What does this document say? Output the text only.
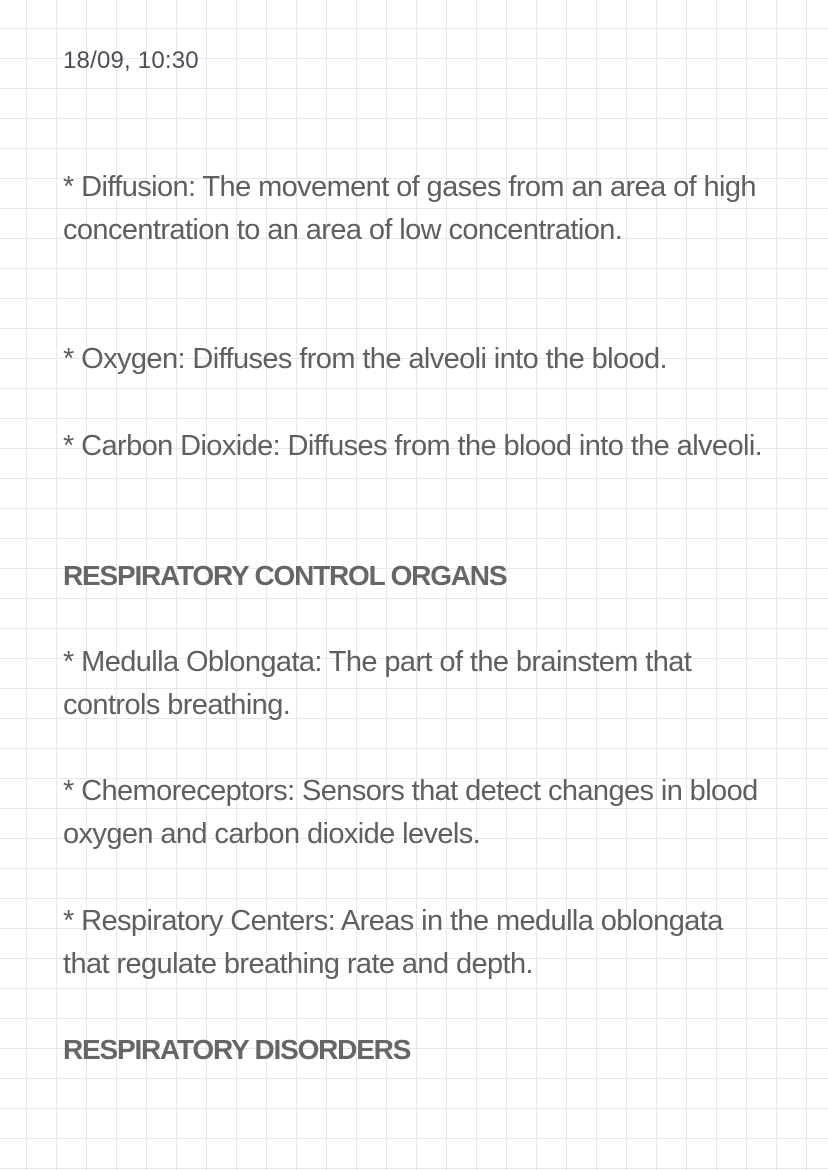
18/09, 10:30
* Diffusion: The movement of gases from an area of high concentration to an area of low concentration.
* Oxygen: Diffuses from the alveoli into the blood.
* Carbon Dioxide: Diffuses from the blood into the alveoli.
RESPIRATORY CONTROL ORGANS
* Medulla Oblongata: The part of the brainstem that controls breathing.
* Chemoreceptors: Sensors that detect changes in blood oxygen and carbon dioxide levels.
* Respiratory Centers: Areas in the medulla oblongata that regulate breathing rate and depth.
RESPIRATORY DISORDERS
